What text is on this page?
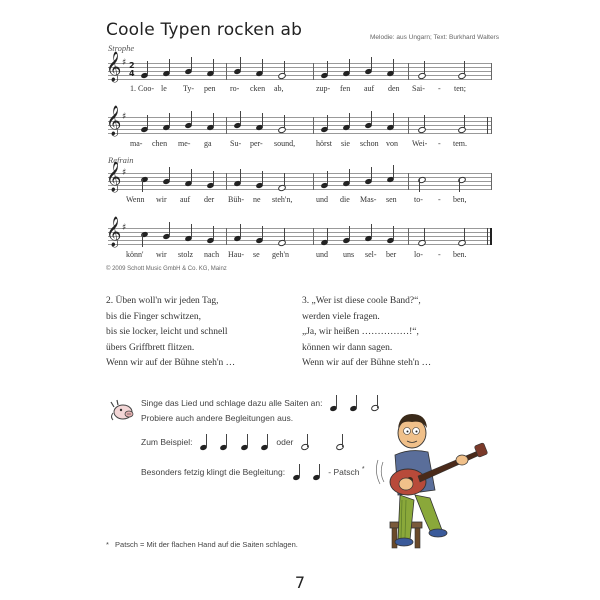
Coole Typen rocken ab	Melodie: aus Ungarn; Text: Burkhard Walters
Strophe
𝄞 ♯ 2
4
1. Coo- le Ty- pen ro- cken ab,	zup- fen auf den Sai- - ten;
𝄞 ♯
ma- chen me- ga Su- per- sound,	hörst sie schon von Wei- - tem.
Refrain
𝄞 ♯
Wenn wir auf der Büh- ne steh'n,	und die Mas- sen to- - ben,
𝄞 ♯
könn' wir stolz nach Hau- se geh'n	und uns sel- ber lo- - ben.
© 2009 Schott Music GmbH & Co. KG, Mainz
2. Üben woll'n wir jeden Tag,
bis die Finger schwitzen,
bis sie locker, leicht und schnell
übers Griffbrett flitzen.
Wenn wir auf der Bühne steh'n …
3. „Wer ist diese coole Band?“,
werden viele fragen.
„Ja, wir heißen ……………!“,
können wir dann sagen.
Wenn wir auf der Bühne steh'n …
Singe das Lied und schlage dazu alle Saiten an:

Probiere auch andere Begleitungen aus.
Zum Beispiel:

	oder

Besonders fetzig klingt die Begleitung:
	- Patsch *
* Patsch = Mit der flachen Hand auf die Saiten schlagen.
7
